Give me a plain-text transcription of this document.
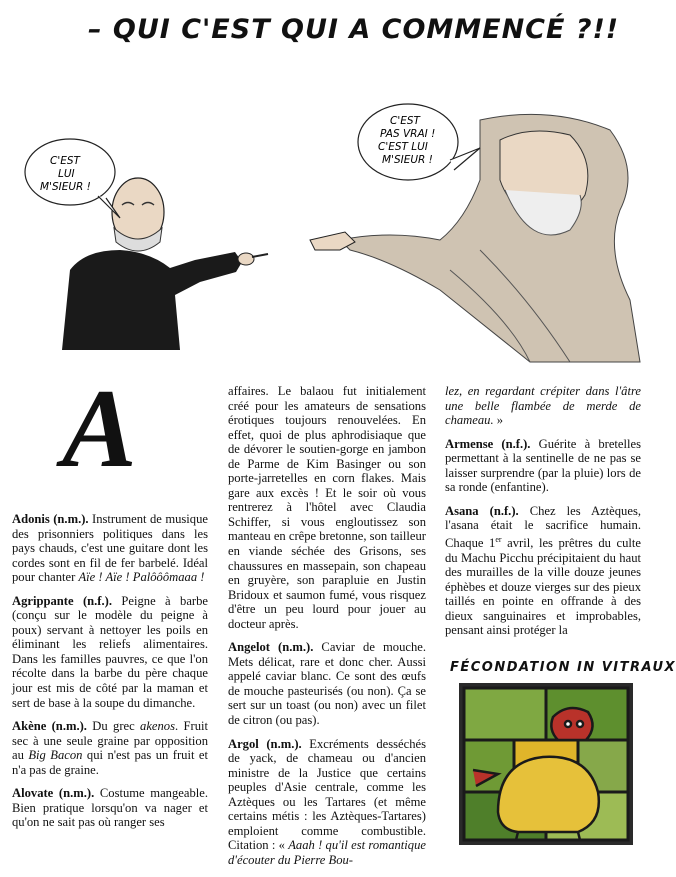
– QUI C'EST QUI A COMMENCÉ ?!!
C'EST
LUI
M'SIEUR !
C'EST
PAS VRAI !
C'EST LUI
M'SIEUR !
A

Adonis (n.m.). Instrument de musique des prisonniers politiques dans les pays chauds, c'est une guitare dont les cordes sont en fil de fer barbelé. Idéal pour chanter Aïe ! Aïe ! Palôôômaaa !

Agrippante (n.f.). Peigne à barbe (conçu sur le modèle du peigne à poux) servant à nettoyer les poils en éliminant les reliefs alimentaires. Dans les familles pauvres, ce que l'on récolte dans la barbe du père chaque jour est mis de côté par la maman et sert de base à la soupe du dimanche.

Akène (n.m.). Du grec akenos. Fruit sec à une seule graine par opposition au Big Bacon qui n'est pas un fruit et n'a pas de graine.

Alovate (n.m.). Costume mangeable. Bien pratique lorsqu'on va nager et qu'on ne sait pas où ranger ses

affaires. Le balaou fut initialement créé pour les amateurs de sensations érotiques toujours renouvelées. En effet, quoi de plus aphrodisiaque que de dévorer le soutien-gorge en jambon de Parme de Kim Basinger ou son porte-jarretelles en corn flakes. Mais gare aux excès ! Et le soir où vous rentrerez à l'hôtel avec Claudia Schiffer, si vous engloutissez son manteau en crêpe bretonne, son tailleur en viande séchée des Grisons, ses chaussures en massepain, son chapeau en gruyère, son parapluie en Justin Bridoux et saumon fumé, vous risquez d'être un peu lourd pour jouer au docteur après.

Angelot (n.m.). Caviar de mouche. Mets délicat, rare et donc cher. Aussi appelé caviar blanc. Ce sont des œufs de mouche pasteurisés (ou non). Ça se sert sur un toast (ou non) avec un filet de citron (ou pas).

Argol (n.m.). Excréments desséchés de yack, de chameau ou d'ancien ministre de la Justice que certains peuples d'Asie centrale, comme les Aztèques ou les Tartares (et même certains métis : les Aztèques-Tartares) emploient comme combustible. Citation : « Aaah ! qu'il est romantique d'écouter du Pierre Bou-

lez, en regardant crépiter dans l'âtre une belle flambée de merde de chameau. »

Armense (n.f.). Guérite à bretelles permettant à la sentinelle de ne pas se laisser surprendre (par la pluie) lors de sa ronde (enfantine).

Asana (n.f.). Chez les Aztèques, l'asana était le sacrifice humain. Chaque 1er avril, les prêtres du culte du Machu Picchu précipitaient du haut des murailles de la ville douze jeunes éphèbes et douze vierges sur des pieux taillés en pointe en offrande à des dieux sanguinaires et improbables, pensant ainsi protéger la

FÉCONDATION IN VITRAUX
